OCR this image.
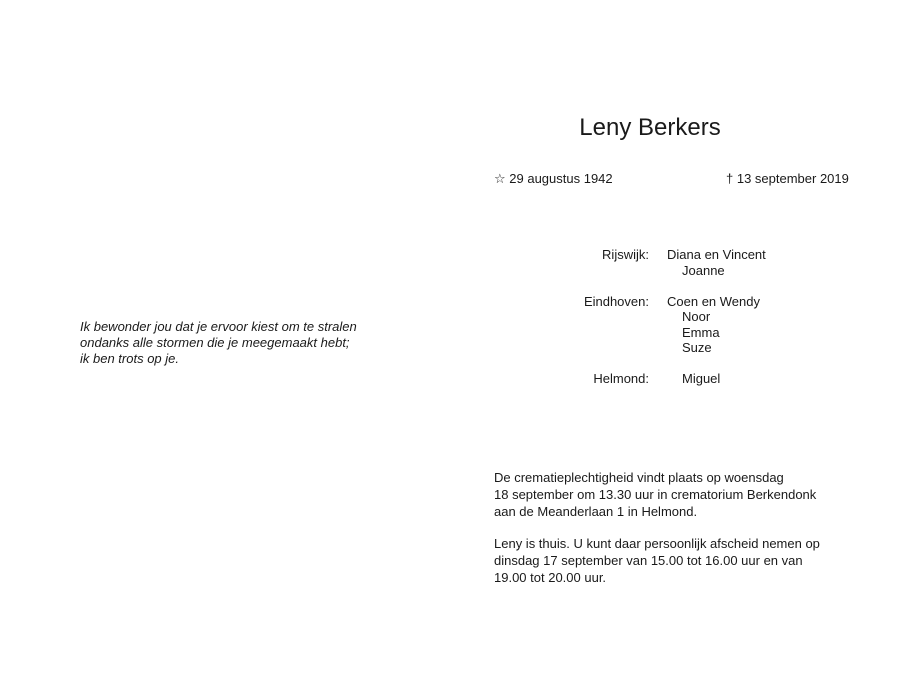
Ik bewonder jou dat je ervoor kiest om te stralen
ondanks alle stormen die je meegemaakt hebt;
ik ben trots op je.
Leny Berkers
☆ 29 augustus 1942	† 13 september 2019
Rijswijk: Diana en Vincent
Joanne
Eindhoven: Coen en Wendy
Noor
Emma
Suze
Helmond:	Miguel
De crematieplechtigheid vindt plaats op woensdag
18 september om 13.30 uur in crematorium Berkendonk
aan de Meanderlaan 1 in Helmond.
Leny is thuis. U kunt daar persoonlijk afscheid nemen op
dinsdag 17 september van 15.00 tot 16.00 uur en van
19.00 tot 20.00 uur.
